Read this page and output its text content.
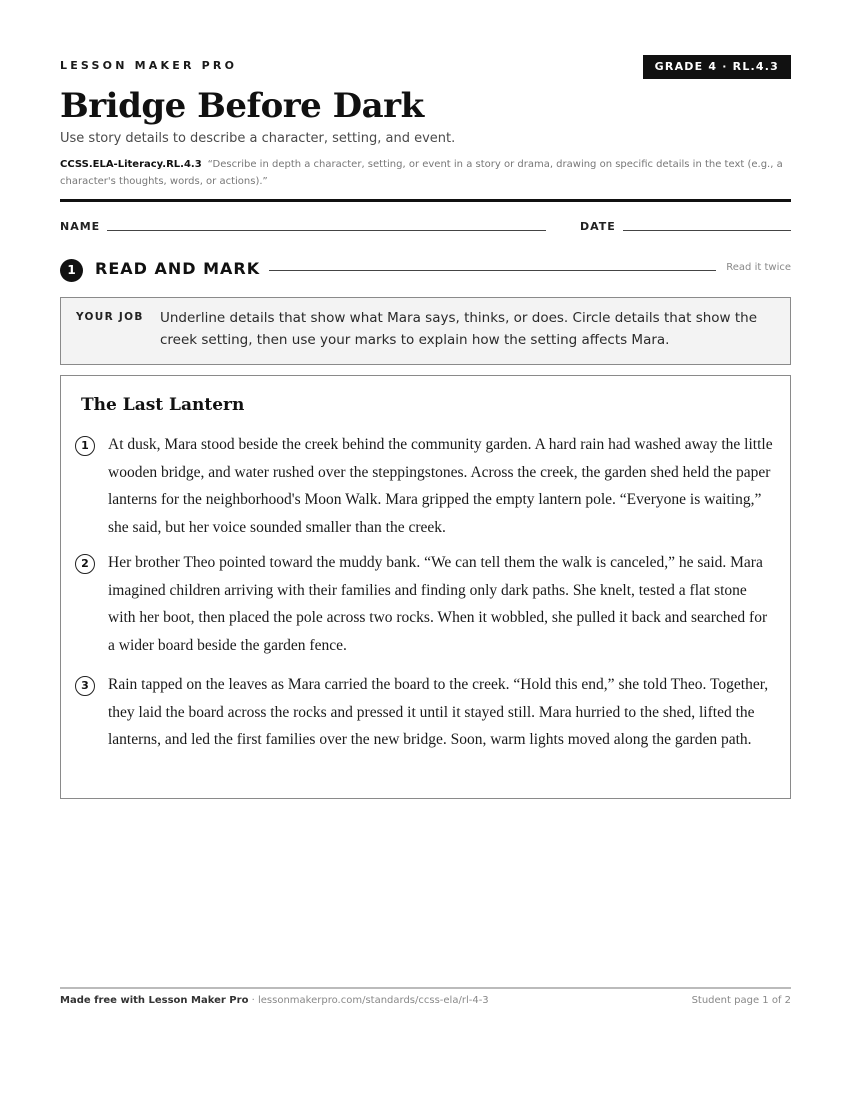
LESSON MAKER PRO	GRADE 4 · RL.4.3
Bridge Before Dark
Use story details to describe a character, setting, and event.
CCSS.ELA-Literacy.RL.4.3 “Describe in depth a character, setting, or event in a story or drama, drawing on specific details in the text (e.g., a character's thoughts, words, or actions).”
NAME	DATE
1	READ AND MARK	Read it twice
YOUR JOB Underline details that show what Mara says, thinks, or does. Circle details that show the creek setting, then use your marks to explain how the setting affects Mara.
The Last Lantern
1	At dusk, Mara stood beside the creek behind the community garden. A hard rain had washed away the little wooden bridge, and water rushed over the steppingstones. Across the creek, the garden shed held the paper lanterns for the neighborhood's Moon Walk. Mara gripped the empty lantern pole. “Everyone is waiting,” she said, but her voice sounded smaller than the creek.
2	Her brother Theo pointed toward the muddy bank. “We can tell them the walk is canceled,” he said. Mara imagined children arriving with their families and finding only dark paths. She knelt, tested a flat stone with her boot, then placed the pole across two rocks. When it wobbled, she pulled it back and searched for a wider board beside the garden fence.
3	Rain tapped on the leaves as Mara carried the board to the creek. “Hold this end,” she told Theo. Together, they laid the board across the rocks and pressed it until it stayed still. Mara hurried to the shed, lifted the lanterns, and led the first families over the new bridge. Soon, warm lights moved along the garden path.
Made free with Lesson Maker Pro · lessonmakerpro.com/standards/ccss-ela/rl-4-3	Student page 1 of 2
